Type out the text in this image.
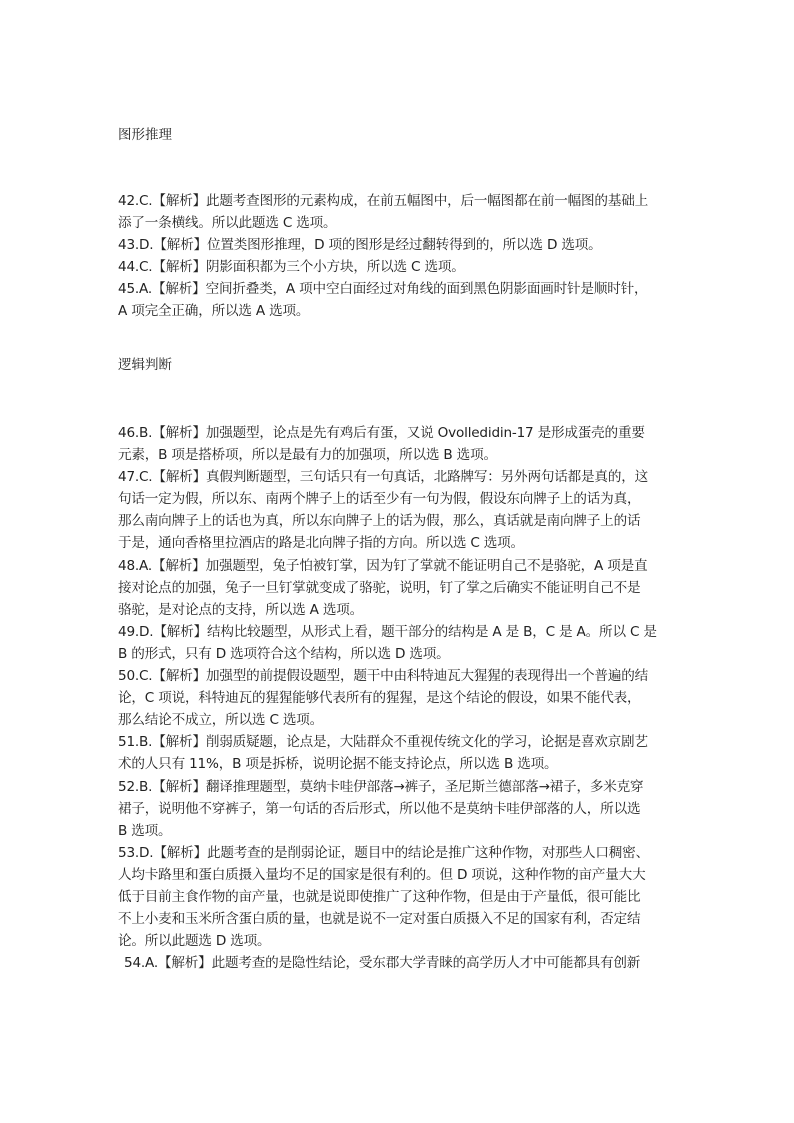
图形推理
42.C.【解析】此题考查图形的元素构成，在前五幅图中，后一幅图都在前一幅图的基础上
添了一条横线。所以此题选 C 选项。
43.D.【解析】位置类图形推理，D 项的图形是经过翻转得到的，所以选 D 选项。
44.C.【解析】阴影面积都为三个小方块，所以选 C 选项。
45.A.【解析】空间折叠类，A 项中空白面经过对角线的面到黑色阴影面画时针是顺时针，
A 项完全正确，所以选 A 选项。
逻辑判断
46.B.【解析】加强题型，论点是先有鸡后有蛋，又说 Ovolledidin-17 是形成蛋壳的重要
元素，B 项是搭桥项，所以是最有力的加强项，所以选 B 选项。
47.C.【解析】真假判断题型，三句话只有一句真话，北路牌写：另外两句话都是真的，这
句话一定为假，所以东、南两个牌子上的话至少有一句为假，假设东向牌子上的话为真，
那么南向牌子上的话也为真，所以东向牌子上的话为假，那么，真话就是南向牌子上的话
于是，通向香格里拉酒店的路是北向牌子指的方向。所以选 C 选项。
48.A.【解析】加强题型，兔子怕被钉掌，因为钉了掌就不能证明自己不是骆驼，A 项是直
接对论点的加强，兔子一旦钉掌就变成了骆驼，说明，钉了掌之后确实不能证明自己不是
骆驼，是对论点的支持，所以选 A 选项。
49.D.【解析】结构比较题型，从形式上看，题干部分的结构是 A 是 B，C 是 A。所以 C 是
B 的形式，只有 D 选项符合这个结构，所以选 D 选项。
50.C.【解析】加强型的前提假设题型，题干中由科特迪瓦大猩猩的表现得出一个普遍的结
论，C 项说，科特迪瓦的猩猩能够代表所有的猩猩，是这个结论的假设，如果不能代表，
那么结论不成立，所以选 C 选项。
51.B.【解析】削弱质疑题，论点是，大陆群众不重视传统文化的学习，论据是喜欢京剧艺
术的人只有 11%，B 项是拆桥，说明论据不能支持论点，所以选 B 选项。
52.B.【解析】翻译推理题型，莫纳卡哇伊部落→裤子，圣尼斯兰德部落→裙子，多米克穿
裙子，说明他不穿裤子，第一句话的否后形式，所以他不是莫纳卡哇伊部落的人，所以选
B 选项。
53.D.【解析】此题考查的是削弱论证，题目中的结论是推广这种作物，对那些人口稠密、
人均卡路里和蛋白质摄入量均不足的国家是很有利的。但 D 项说，这种作物的亩产量大大
低于目前主食作物的亩产量，也就是说即使推广了这种作物，但是由于产量低，很可能比
不上小麦和玉米所含蛋白质的量，也就是说不一定对蛋白质摄入不足的国家有利，否定结
论。所以此题选 D 选项。
54.A.【解析】此题考查的是隐性结论，受东郡大学青睐的高学历人才中可能都具有创新
